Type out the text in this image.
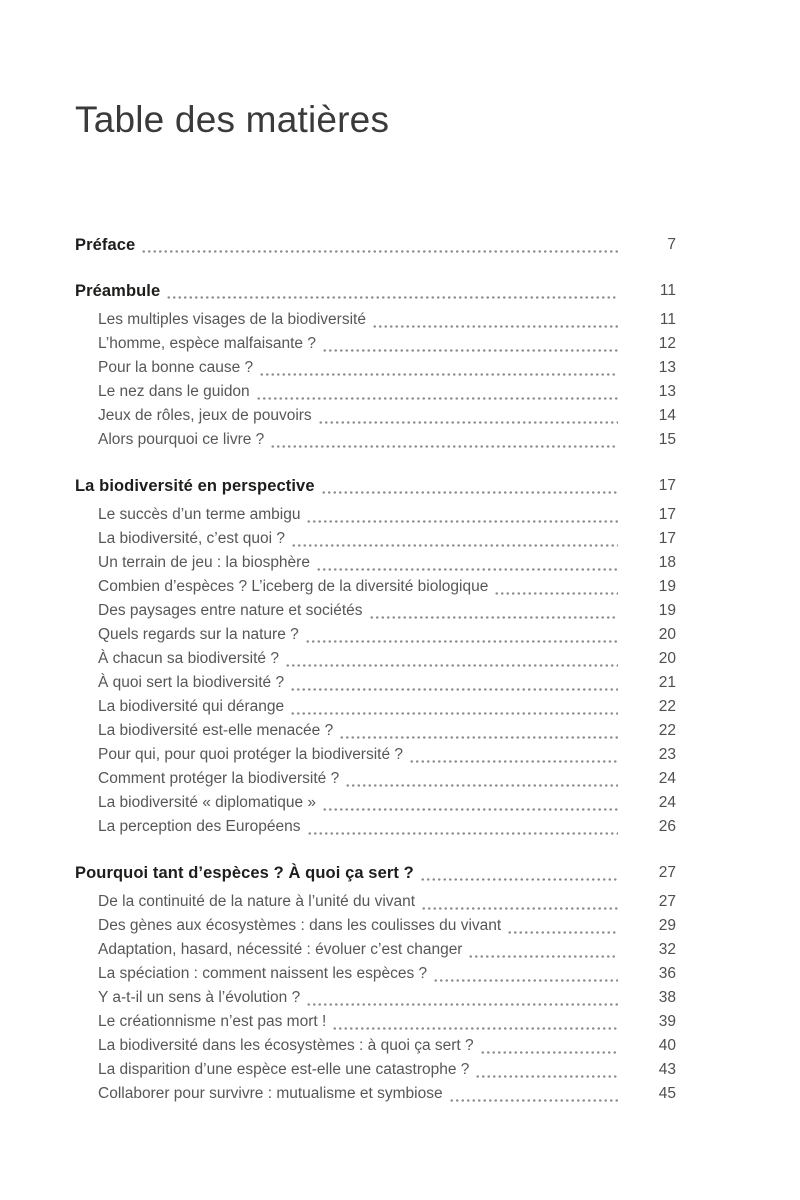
Table des matières
Préface	7
Préambule	11
Les multiples visages de la biodiversité	11
L’homme, espèce malfaisante ?	12
Pour la bonne cause ?	13
Le nez dans le guidon	13
Jeux de rôles, jeux de pouvoirs	14
Alors pourquoi ce livre ?	15
La biodiversité en perspective	17
Le succès d’un terme ambigu	17
La biodiversité, c’est quoi ?	17
Un terrain de jeu : la biosphère	18
Combien d’espèces ? L’iceberg de la diversité biologique	19
Des paysages entre nature et sociétés	19
Quels regards sur la nature ?	20
À chacun sa biodiversité ?	20
À quoi sert la biodiversité ?	21
La biodiversité qui dérange	22
La biodiversité est-elle menacée ?	22
Pour qui, pour quoi protéger la biodiversité ?	23
Comment protéger la biodiversité ?	24
La biodiversité « diplomatique »	24
La perception des Européens	26
Pourquoi tant d’espèces ? À quoi ça sert ?	27
De la continuité de la nature à l’unité du vivant	27
Des gènes aux écosystèmes : dans les coulisses du vivant	29
Adaptation, hasard, nécessité : évoluer c’est changer	32
La spéciation : comment naissent les espèces ?	36
Y a-t-il un sens à l’évolution ?	38
Le créationnisme n’est pas mort !	39
La biodiversité dans les écosystèmes : à quoi ça sert ?	40
La disparition d’une espèce est-elle une catastrophe ?	43
Collaborer pour survivre : mutualisme et symbiose	45
